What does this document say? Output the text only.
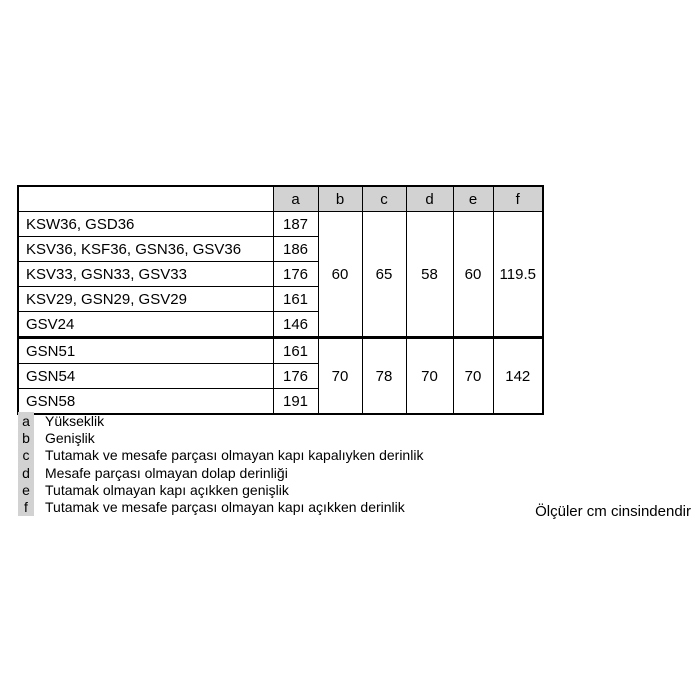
	a	b	c	d	e	f
KSW36, GSD36	187	60	65	58	60	119.5
KSV36, KSF36, GSN36, GSV36	186					
KSV33, GSN33, GSV33	176					
KSV29, GSN29, GSV29	161					
GSV24	146					
GSN51	161	70	78	70	70	142
GSN54	176					
GSN58	191					
a Yükseklik
b Genişlik
c	Tutamak ve mesafe parçası olmayan kapı kapalıyken derinlik
d Mesafe parçası olmayan dolap derinliği
e Tutamak olmayan kapı açıkken genişlik
f	Tutamak ve mesafe parçası olmayan kapı açıkken derinlik	Ölçüler cm cinsindendir
